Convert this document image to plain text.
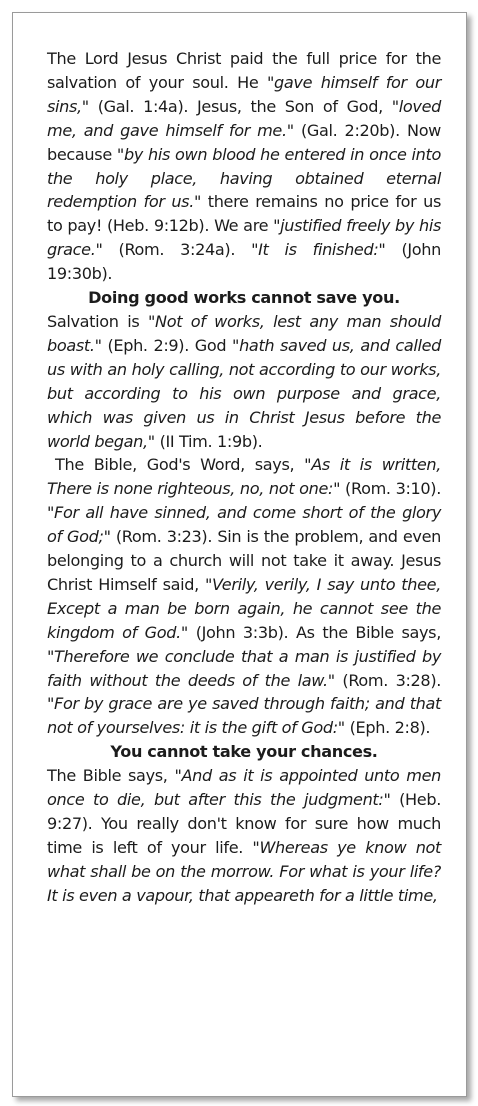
The Lord Jesus Christ paid the full price for the salvation of your soul. He "gave himself for our sins," (Gal. 1:4a). Jesus, the Son of God, "loved me, and gave himself for me." (Gal. 2:20b). Now because "by his own blood he entered in once into the holy place, having obtained eternal redemption for us." there remains no price for us to pay! (Heb. 9:12b). We are "justified freely by his grace." (Rom. 3:24a). "It is finished:" (John 19:30b).

Doing good works cannot save you.

Salvation is "Not of works, lest any man should boast." (Eph. 2:9). God "hath saved us, and called us with an holy calling, not according to our works, but according to his own purpose and grace, which was given us in Christ Jesus before the world began," (II Tim. 1:9b).

The Bible, God's Word, says, "As it is written, There is none righteous, no, not one:" (Rom. 3:10). "For all have sinned, and come short of the glory of God;" (Rom. 3:23). Sin is the problem, and even belonging to a church will not take it away. Jesus Christ Himself said, "Verily, verily, I say unto thee, Except a man be born again, he cannot see the kingdom of God." (John 3:3b). As the Bible says, "Therefore we conclude that a man is justified by faith without the deeds of the law." (Rom. 3:28). "For by grace are ye saved through faith; and that not of yourselves: it is the gift of God:" (Eph. 2:8).

You cannot take your chances.

The Bible says, "And as it is appointed unto men once to die, but after this the judgment:" (Heb. 9:27). You really don't know for sure how much time is left of your life. "Whereas ye know not what shall be on the morrow. For what is your life? It is even a vapour, that appeareth for a little time,
